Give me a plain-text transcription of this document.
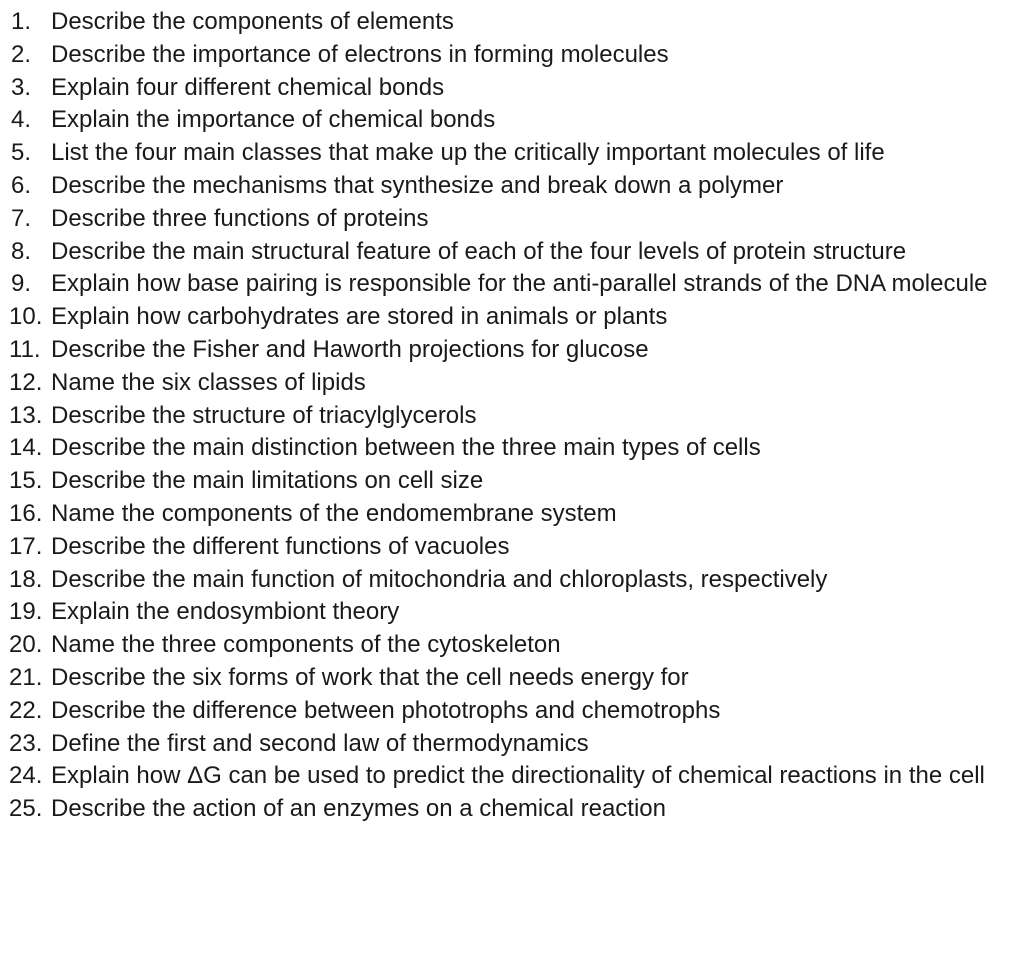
1. Describe the components of elements
2. Describe the importance of electrons in forming molecules
3. Explain four different chemical bonds
4. Explain the importance of chemical bonds
5. List the four main classes that make up the critically important molecules of life
6. Describe the mechanisms that synthesize and break down a polymer
7. Describe three functions of proteins
8. Describe the main structural feature of each of the four levels of protein structure
9. Explain how base pairing is responsible for the anti-parallel strands of the DNA molecule
10. Explain how carbohydrates are stored in animals or plants
11. Describe the Fisher and Haworth projections for glucose
12. Name the six classes of lipids
13. Describe the structure of triacylglycerols
14. Describe the main distinction between the three main types of cells
15. Describe the main limitations on cell size
16. Name the components of the endomembrane system
17. Describe the different functions of vacuoles
18. Describe the main function of mitochondria and chloroplasts, respectively
19. Explain the endosymbiont theory
20. Name the three components of the cytoskeleton
21. Describe the six forms of work that the cell needs energy for
22. Describe the difference between phototrophs and chemotrophs
23. Define the first and second law of thermodynamics
24. Explain how ΔG can be used to predict the directionality of chemical reactions in the cell
25. Describe the action of an enzymes on a chemical reaction
